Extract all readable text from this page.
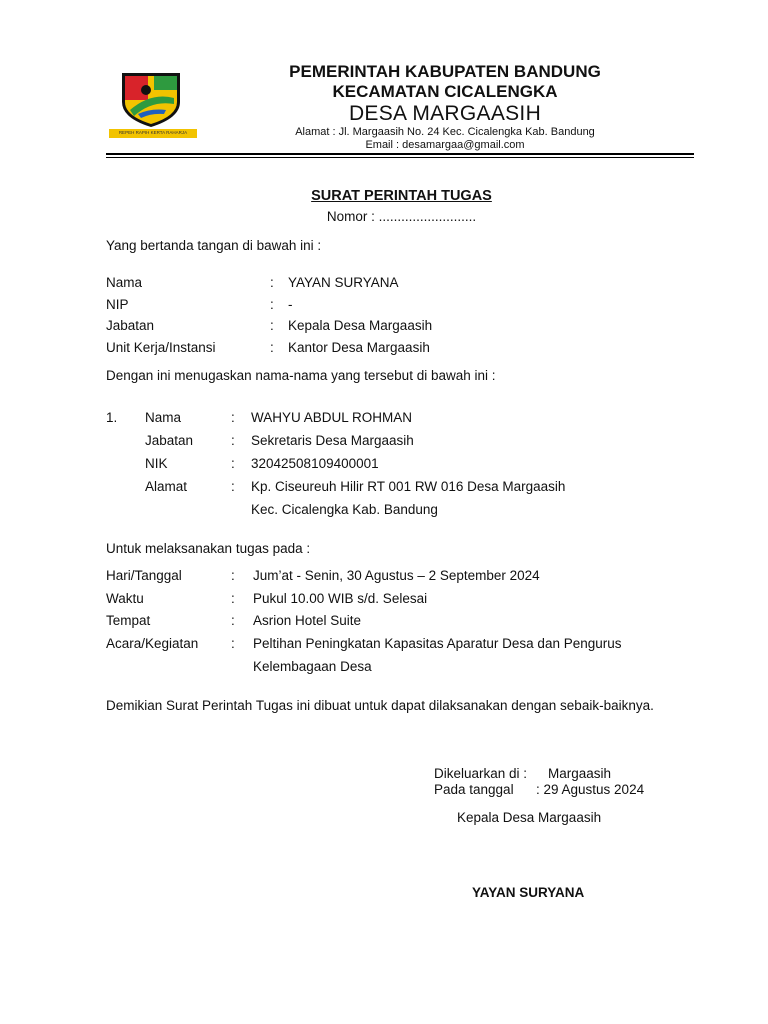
REPEH RAPIH KERTA RAHARJA
PEMERINTAH KABUPATEN BANDUNG
KECAMATAN CICALENGKA
DESA MARGAASIH
Alamat : Jl. Margaasih No. 24 Kec. Cicalengka Kab. Bandung
Email : desamargaa@gmail.com
SURAT PERINTAH TUGAS
Nomor : ..........................
Yang bertanda tangan di bawah ini :
Nama	: YAYAN SURYANA
NIP	: -
Jabatan	: Kepala Desa Margaasih
Unit Kerja/Instansi	: Kantor Desa Margaasih
Dengan ini menugaskan nama-nama yang tersebut di bawah ini :
1. Nama	: WAHYU ABDUL ROHMAN
Jabatan	: Sekretaris Desa Margaasih
NIK	: 32042508109400001
Alamat	: Kp. Ciseureuh Hilir RT 001 RW 016 Desa Margaasih
Kec. Cicalengka Kab. Bandung
Untuk melaksanakan tugas pada :
Hari/Tanggal	: Jum’at - Senin, 30 Agustus – 2 September 2024
Waktu	: Pukul 10.00 WIB s/d. Selesai
Tempat	: Asrion Hotel Suite
Acara/Kegiatan : Peltihan Peningkatan Kapasitas Aparatur Desa dan Pengurus
Kelembagaan Desa
Demikian Surat Perintah Tugas ini dibuat untuk dapat dilaksanakan dengan sebaik-baiknya.
Dikeluarkan di : Margaasih
Pada tanggal : 29 Agustus 2024
Kepala Desa Margaasih
YAYAN SURYANA
